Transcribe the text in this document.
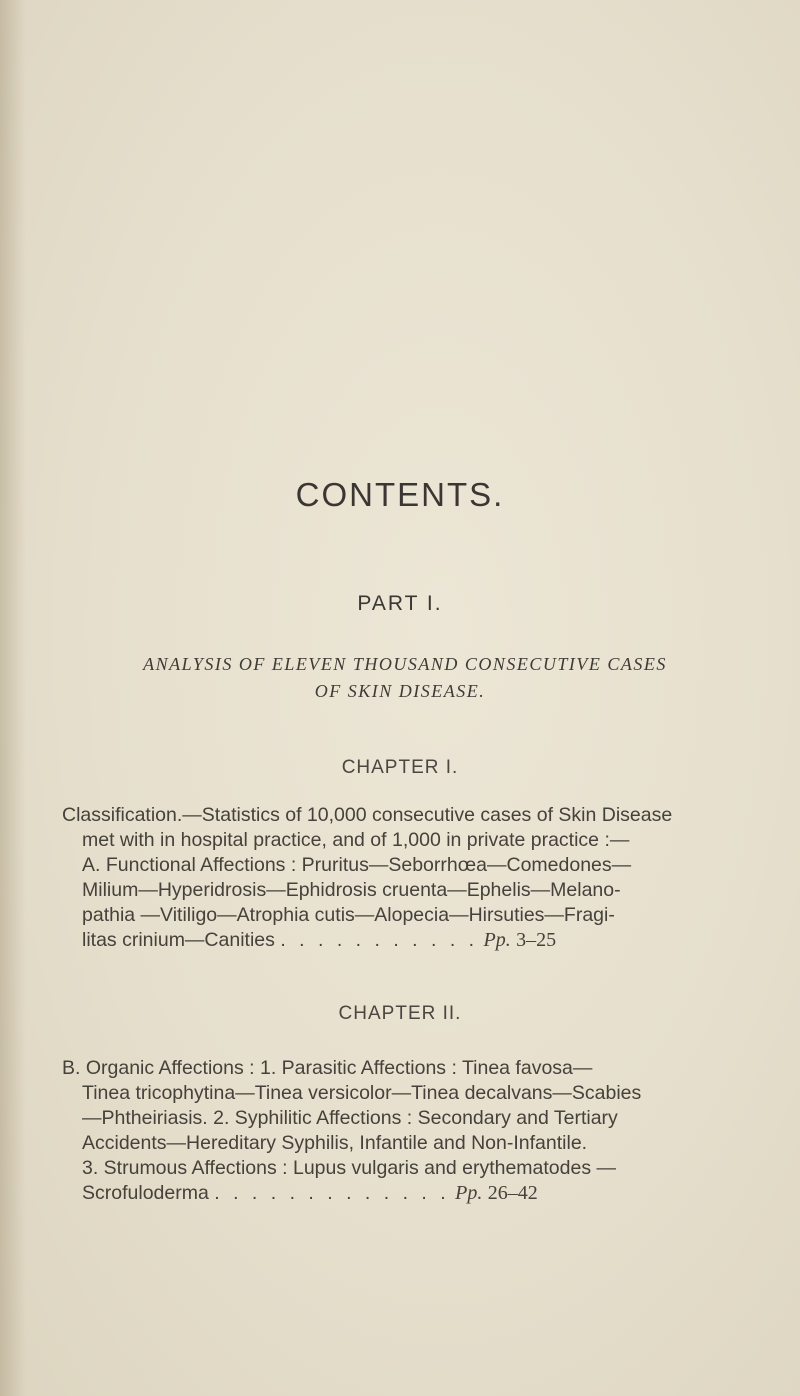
CONTENTS.
PART I.
ANALYSIS OF ELEVEN THOUSAND CONSECUTIVE CASES
OF SKIN DISEASE.
CHAPTER I.
Classification.—Statistics of 10,000 consecutive cases of Skin Disease
met with in hospital practice, and of 1,000 in private practice :—
A. Functional Affections : Pruritus—Seborrhœa—Comedones—
Milium—Hyperidrosis—Ephidrosis cruenta—Ephelis—Melano-
pathia —Vitiligo—Atrophia cutis—Alopecia—Hirsuties—Fragi-
litas crinium—Canities . . . . . . . . . . . Pp. 3–25
CHAPTER II.
B. Organic Affections : 1. Parasitic Affections : Tinea favosa—
Tinea tricophytina—Tinea versicolor—Tinea decalvans—Scabies
—Phtheiriasis. 2. Syphilitic Affections : Secondary and Tertiary
Accidents—Hereditary Syphilis, Infantile and Non-Infantile.
3. Strumous Affections : Lupus vulgaris and erythematodes —
Scrofuloderma . . . . . . . . . . . . . Pp. 26–42
